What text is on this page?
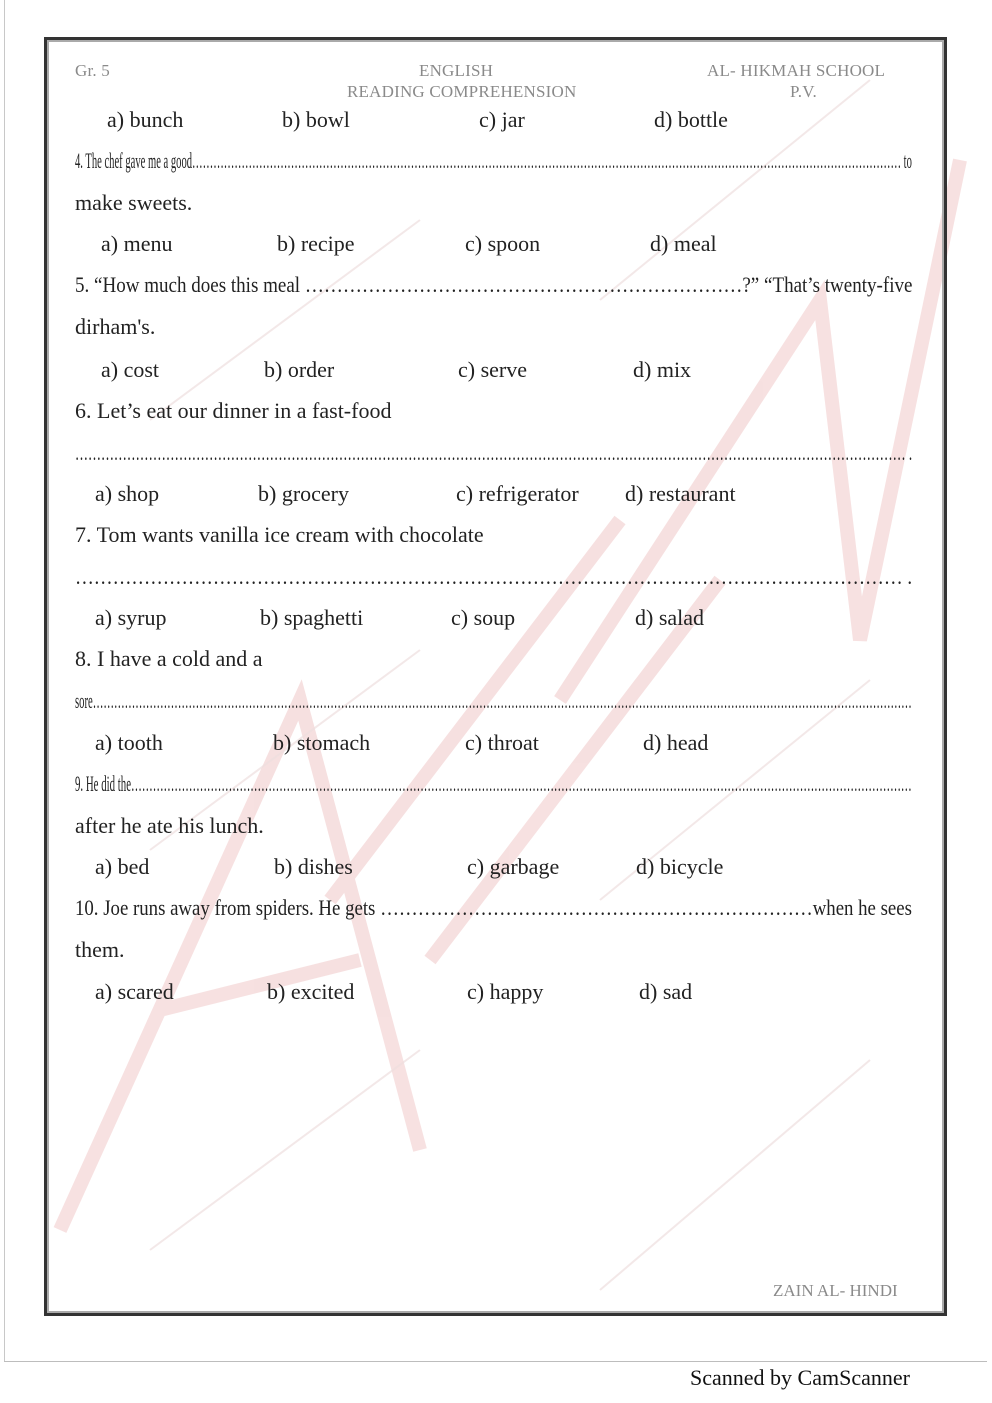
Gr. 5	ENGLISH
READING COMPREHENSION
AL- HIKMAH SCHOOL
P.V.
a) bunch	b) bowl	c) jar	d) bottle
4. The chef gave me a good………………………………………………………………………………………………………………………………………………………………………………… to
make sweets.
a) menu	b) recipe	c) spoon	d) meal
5. “How much does this meal ……………………………………………………………?” “That’s twenty-five
dirham's.
a) cost	b) order	c) serve	d) mix
6. Let’s eat our dinner in a fast-food
………………………………………………………………………………………………………………………………………………………………………… .
a) shop	b) grocery	c) refrigerator d) restaurant
7. Tom wants vanilla ice cream with chocolate
…………………………………………………………………………………………………………………… .
a) syrup	b) spaghetti	c) soup	d) salad
8. I have a cold and a
sore……………………………………………………………………………………………………………………………………………………………………………………………………………
a) tooth	b) stomach	c) throat	d) head
9. He did the………………………………………………………………………………………………………………………………………………………………………………………………
after he ate his lunch.
a) bed	b) dishes	c) garbage	d) bicycle
10. Joe runs away from spiders. He gets ……………………………………………………………when he sees
them.
a) scared	b) excited	c) happy	d) sad
ZAIN AL- HINDI
Scanned by CamScanner
